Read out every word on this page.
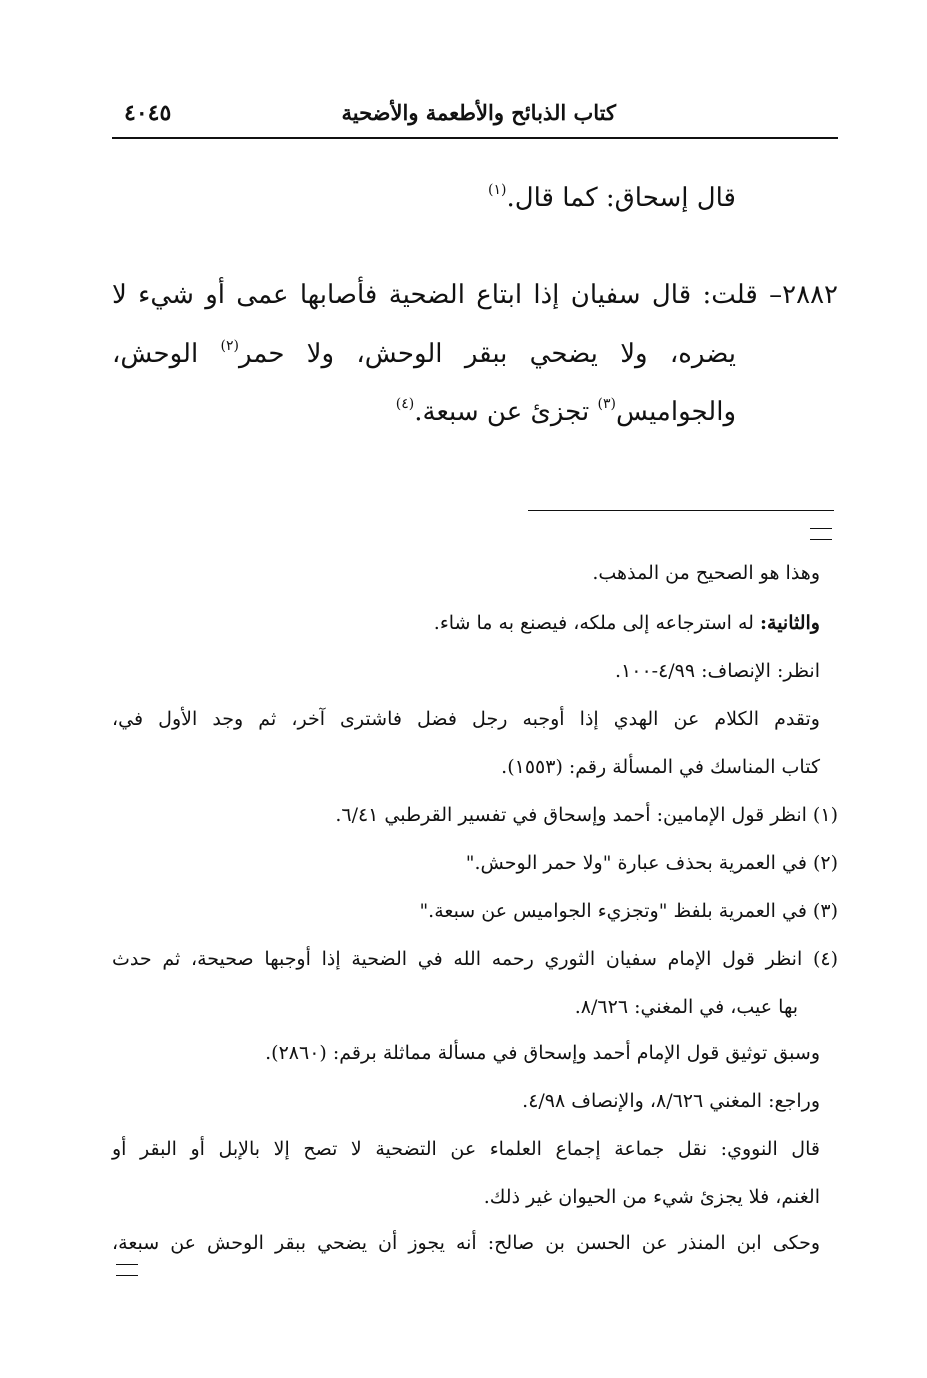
كتاب الذبائح والأطعمة والأضحية
٤٠٤٥
قال إسحاق: كما قال.$^{(١)}$
٢٨٨٢– قلت: قال سفيان إذا ابتاع الضحية فأصابها عمى أو شيء لا
يضره، ولا يضحي ببقر الوحش، ولا حمر$^{(٢)}$ الوحش،
والجواميس$^{(٣)}$ تجزئ عن سبعة.$^{(٤)}$
وهذا هو الصحيح من المذهب.
والثانية: له استرجاعه إلى ملكه، فيصنع به ما شاء.
انظر: الإنصاف: ٤/٩٩-١٠٠.
وتقدم الكلام عن الهدي إذا أوجبه رجل فضل فاشترى آخر، ثم وجد الأول في،
كتاب المناسك في المسألة رقم: (١٥٥٣).
(١) انظر قول الإمامين: أحمد وإسحاق في تفسير القرطبي ٦/٤١.
(٢) في العمرية بحذف عبارة "ولا حمر الوحش."
(٣) في العمرية بلفظ "وتجزيء الجواميس عن سبعة."
(٤) انظر قول الإمام سفيان الثوري رحمه الله في الضحية إذا أوجبها صحيحة، ثم حدث
بها عيب، في المغني: ٨/٦٢٦.
وسبق توثيق قول الإمام أحمد وإسحاق في مسألة مماثلة برقم: (٢٨٦٠).
وراجع: المغني ٨/٦٢٦، والإنصاف ٤/٩٨.
قال النووي: نقل جماعة إجماع العلماء عن التضحية لا تصح إلا بالإبل أو البقر أو
الغنم، فلا يجزئ شيء من الحيوان غير ذلك.
وحكى ابن المنذر عن الحسن بن صالح: أنه يجوز أن يضحي ببقر الوحش عن سبعة،
